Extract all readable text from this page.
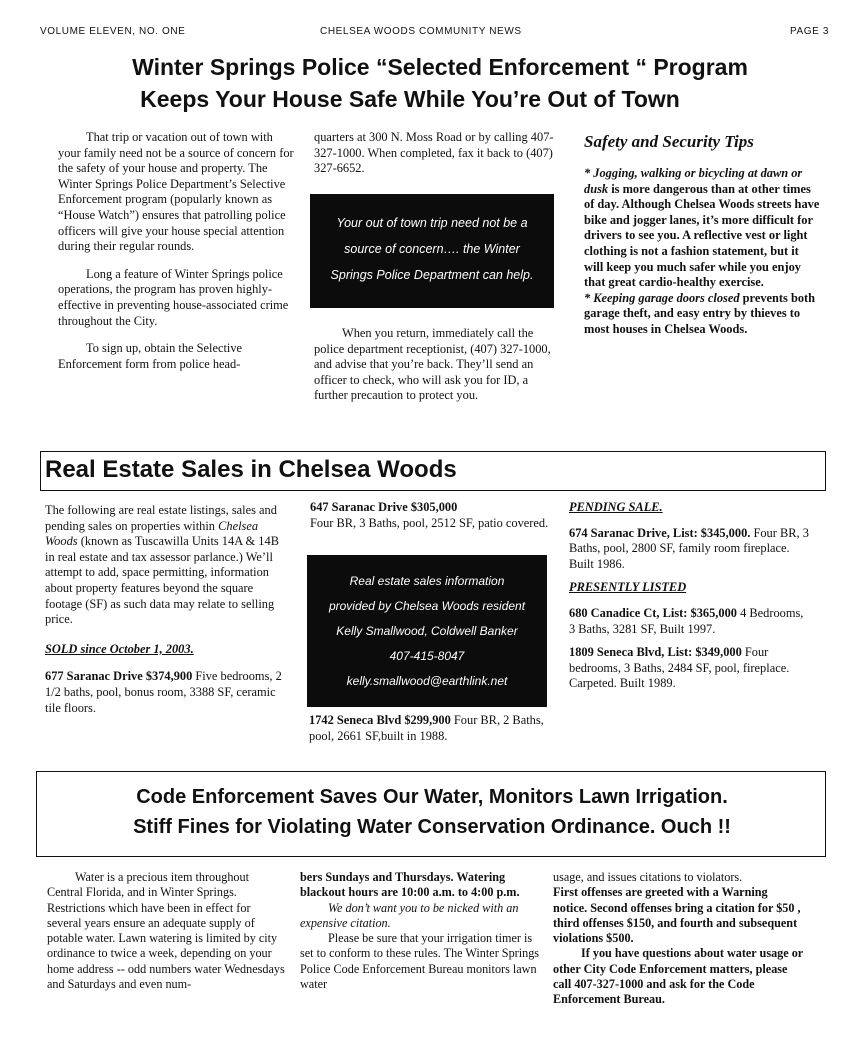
VOLUME ELEVEN, NO. ONE	CHELSEA WOODS COMMUNITY NEWS	PAGE 3
Winter Springs Police “Selected Enforcement “ Program
Keeps Your House Safe While You’re Out of Town

That trip or vacation out of town with your family need not be a source of concern for the safety of your house and property. The Winter Springs Police Department’s Selective Enforcement program (popularly known as “House Watch”) ensures that patrolling police officers will give your house special attention during their regular rounds.

Long a feature of Winter Springs police operations, the program has proven highly-effective in preventing house-associated crime throughout the City.

To sign up, obtain the Selective Enforcement form from police head-

quarters at 300 N. Moss Road or by calling 407-327-1000. When completed, fax it back to (407) 327-6652.

Your out of town trip need not be a
source of concern…. the Winter
Springs Police Department can help.

When you return, immediately call the police department receptionist, (407) 327-1000, and advise that you’re back. They’ll send an officer to check, who will ask you for ID, a further precaution to protect you.

Safety and Security Tips
* Jogging, walking or bicycling at dawn or dusk is more dangerous than at other times of day. Although Chelsea Woods streets have bike and jogger lanes, it’s more difficult for drivers to see you. A reflective vest or light clothing is not a fashion statement, but it will keep you much safer while you enjoy that great cardio-healthy exercise.
* Keeping garage doors closed prevents both garage theft, and easy entry by thieves to most houses in Chelsea Woods.
Real Estate Sales in Chelsea Woods

The following are real estate listings, sales and pending sales on properties within Chelsea Woods (known as Tuscawilla Units 14A & 14B in real estate and tax assessor parlance.) We’ll attempt to add, space permitting, information about property features beyond the square footage (SF) as such data may relate to selling price.

SOLD since October 1, 2003.

677 Saranac Drive $374,900 Five bedrooms, 2 1/2 baths, pool, bonus room, 3388 SF, ceramic tile floors.

647 Saranac Drive $305,000

Four BR, 3 Baths, pool, 2512 SF, patio covered.

Real estate sales information
provided by Chelsea Woods resident
Kelly Smallwood, Coldwell Banker
407-415-8047
kelly.smallwood@earthlink.net

1742 Seneca Blvd $299,900 Four BR, 2 Baths, pool, 2661 SF,built in 1988.

PENDING SALE.

674 Saranac Drive, List: $345,000. Four BR, 3 Baths, pool, 2800 SF, family room fireplace. Built 1986.

PRESENTLY LISTED

680 Canadice Ct, List: $365,000 4 Bedrooms, 3 Baths, 3281 SF, Built 1997.

1809 Seneca Blvd, List: $349,000 Four bedrooms, 3 Baths, 2484 SF, pool, fireplace. Carpeted. Built 1989.

Code Enforcement Saves Our Water, Monitors Lawn Irrigation.
Stiff Fines for Violating Water Conservation Ordinance. Ouch !!

Water is a precious item throughout Central Florida, and in Winter Springs. Restrictions which have been in effect for several years ensure an adequate supply of potable water. Lawn watering is limited by city ordinance to twice a week, depending on your home address -- odd numbers water Wednesdays and Saturdays and even num-

bers Sundays and Thursdays. Watering blackout hours are 10:00 a.m. to 4:00 p.m.

We don’t want you to be nicked with an expensive citation.

Please be sure that your irrigation timer is set to conform to these rules. The Winter Springs Police Code Enforcement Bureau monitors lawn water

usage, and issues citations to violators.

First offenses are greeted with a Warning notice. Second offenses bring a citation for $50 , third offenses $150, and fourth and subsequent violations $500.

If you have questions about water usage or other City Code Enforcement matters, please call 407-327-1000 and ask for the Code Enforcement Bureau.
